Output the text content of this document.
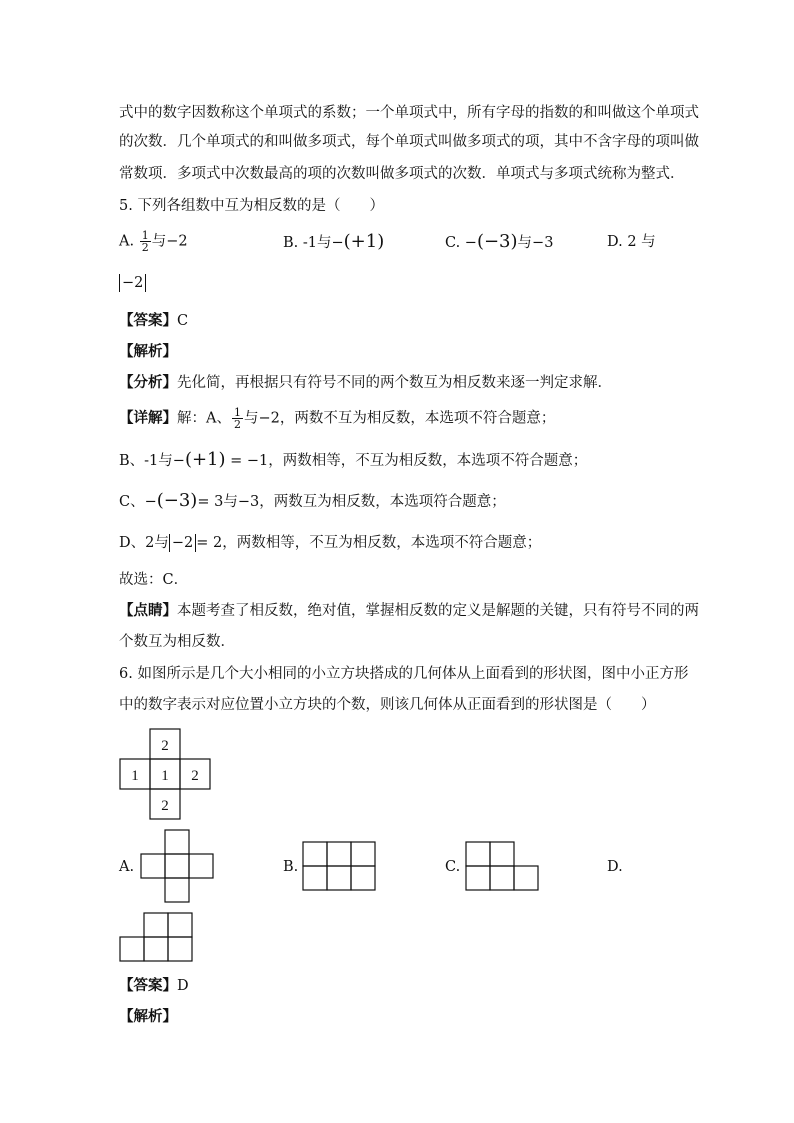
式中的数字因数称这个单项式的系数；一个单项式中，所有字母的指数的和叫做这个单项式
的次数．几个单项式的和叫做多项式，每个单项式叫做多项式的项，其中不含字母的项叫做
常数项．多项式中次数最高的项的次数叫做多项式的次数．单项式与多项式统称为整式．
5. 下列各组数中互为相反数的是（　　）
A. $\frac{1}{2}$ 与−2	B. -1与−(+1)	C. −(−3)与−3	D. 2 与
−2
【答案】C
【解析】
【分析】先化简，再根据只有符号不同的两个数互为相反数来逐一判定求解．
【详解】解：A、 $\frac{1}{2}$ 与−2，两数不互为相反数，本选项不符合题意；
B、-1与−(+1) = −1，两数相等，不互为相反数，本选项不符合题意；
C、−(−3)= 3与−3，两数互为相反数，本选项符合题意；
D、2与 −2 = 2，两数相等，不互为相反数，本选项不符合题意；
故选：C．
【点睛】本题考查了相反数，绝对值，掌握相反数的定义是解题的关键，只有符号不同的两
个数互为相反数．
6. 如图所示是几个大小相同的小立方块搭成的几何体从上面看到的形状图，图中小正方形
中的数字表示对应位置小立方块的个数，则该几何体从正面看到的形状图是（　　）
2
1 1 2
2
A.	B.	C.	D.
【答案】D
【解析】
